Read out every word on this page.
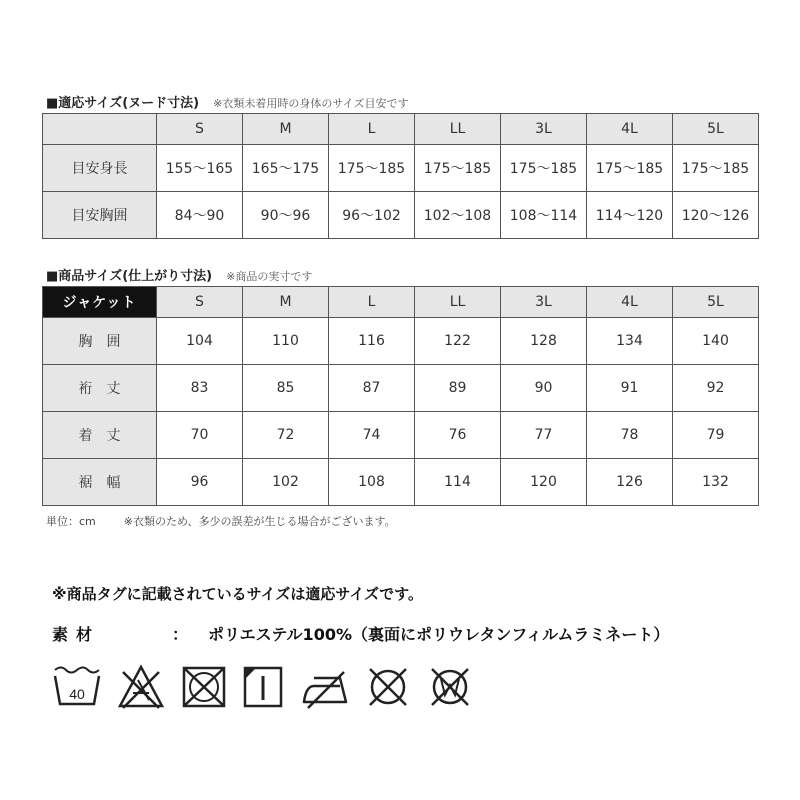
■適応サイズ(ヌード寸法) ※衣類未着用時の身体のサイズ目安です
	S	M	L	LL	3L	4L	5L
目安身長	155～165	165～175	175～185	175～185	175～185	175～185	175～185
目安胸囲	84～90	90～96	96～102	102～108	108～114	114～120	120～126
■商品サイズ(仕上がり寸法) ※商品の実寸です
ジャケット	S	M	L	LL	3L	4L	5L
胸　囲	104	110	116	122	128	134	140
裄　丈	83	85	87	89	90	91	92
着　丈	70	72	74	76	77	78	79
裾　幅	96	102	108	114	120	126	132
単位：cm	※衣類のため、多少の誤差が生じる場合がございます。
※商品タグに記載されているサイズは適応サイズです。
素材	： ポリエステル100%（裏面にポリウレタンフィルムラミネート）
40
